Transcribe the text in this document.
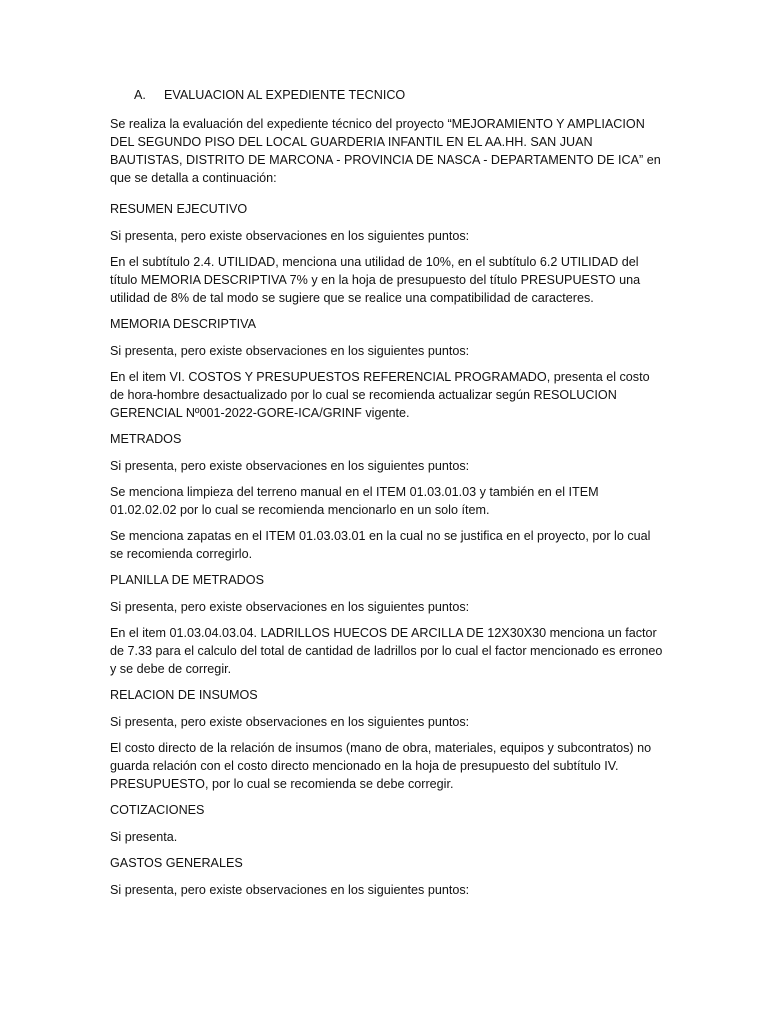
A.	EVALUACION AL EXPEDIENTE TECNICO

Se realiza la evaluación del expediente técnico del proyecto “MEJORAMIENTO Y AMPLIACION DEL SEGUNDO PISO DEL LOCAL GUARDERIA INFANTIL EN EL AA.HH. SAN JUAN BAUTISTAS, DISTRITO DE MARCONA - PROVINCIA DE NASCA - DEPARTAMENTO DE ICA” en que se detalla a continuación:

RESUMEN EJECUTIVO

Si presenta, pero existe observaciones en los siguientes puntos:

En el subtítulo 2.4. UTILIDAD, menciona una utilidad de 10%, en el subtítulo 6.2 UTILIDAD del título MEMORIA DESCRIPTIVA 7% y en la hoja de presupuesto del título PRESUPUESTO una utilidad de 8% de tal modo se sugiere que se realice una compatibilidad de caracteres.

MEMORIA DESCRIPTIVA

Si presenta, pero existe observaciones en los siguientes puntos:

En el item VI. COSTOS Y PRESUPUESTOS REFERENCIAL PROGRAMADO, presenta el costo de hora-hombre desactualizado por lo cual se recomienda actualizar según RESOLUCION GERENCIAL Nº001-2022-GORE-ICA/GRINF vigente.

METRADOS

Si presenta, pero existe observaciones en los siguientes puntos:

Se menciona limpieza del terreno manual en el ITEM 01.03.01.03 y también en el ITEM 01.02.02.02 por lo cual se recomienda mencionarlo en un solo ítem.

Se menciona zapatas en el ITEM 01.03.03.01 en la cual no se justifica en el proyecto, por lo cual se recomienda corregirlo.

PLANILLA DE METRADOS

Si presenta, pero existe observaciones en los siguientes puntos:

En el item 01.03.04.03.04. LADRILLOS HUECOS DE ARCILLA DE 12X30X30 menciona un factor de 7.33 para el calculo del total de cantidad de ladrillos por lo cual el factor mencionado es erroneo y se debe de corregir.

RELACION DE INSUMOS

Si presenta, pero existe observaciones en los siguientes puntos:

El costo directo de la relación de insumos (mano de obra, materiales, equipos y subcontratos) no guarda relación con el costo directo mencionado en la hoja de presupuesto del subtítulo IV. PRESUPUESTO, por lo cual se recomienda se debe corregir.

COTIZACIONES

Si presenta.

GASTOS GENERALES

Si presenta, pero existe observaciones en los siguientes puntos:
